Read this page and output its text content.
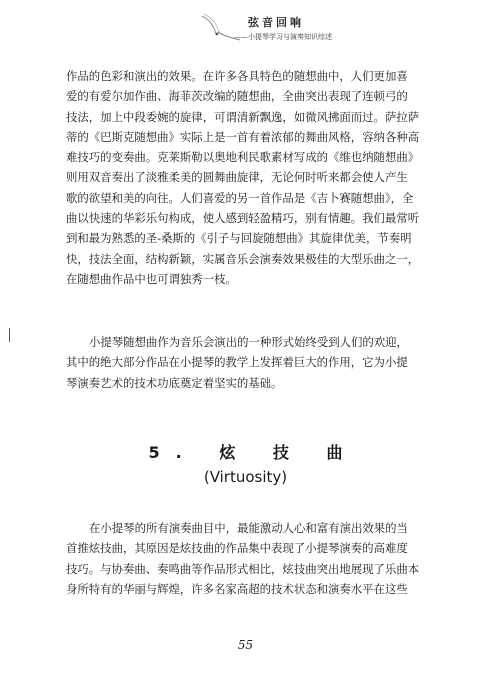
弦音回响
——小提琴学习与演奏知识综述
作品的色彩和演出的效果。在许多各具特色的随想曲中，人们更加喜
爱的有爱尔加作曲、海菲茨改编的随想曲，全曲突出表现了连顿弓的
技法，加上中段委婉的旋律，可谓清新飘逸，如微风拂面而过。萨拉萨
蒂的《巴斯克随想曲》实际上是一首有着浓郁的舞曲风格，容纳各种高
难技巧的变奏曲。克莱斯勒以奥地利民歌素材写成的《维也纳随想曲》
则用双音奏出了淡雅柔美的圆舞曲旋律，无论何时听来都会使人产生
歌的欲望和美的向往。人们喜爱的另一首作品是《吉卜赛随想曲》，全
曲以快速的华彩乐句构成，使人感到轻盈精巧，别有情趣。我们最常听
到和最为熟悉的圣-桑斯的《引子与回旋随想曲》其旋律优美，节奏明
快，技法全面，结构新颖，实属音乐会演奏效果极佳的大型乐曲之一，
在随想曲作品中也可谓独秀一枝。
小提琴随想曲作为音乐会演出的一种形式始终受到人们的欢迎，
其中的绝大部分作品在小提琴的教学上发挥着巨大的作用，它为小提
琴演奏艺术的技术功底奠定着坚实的基础。
5. 炫 技 曲
(Virtuosity)
在小提琴的所有演奏曲目中，最能激动人心和富有演出效果的当
首推炫技曲，其原因是炫技曲的作品集中表现了小提琴演奏的高难度
技巧。与协奏曲、奏鸣曲等作品形式相比，炫技曲突出地展现了乐曲本
身所特有的华丽与辉煌，许多名家高超的技术状态和演奏水平在这些
55
